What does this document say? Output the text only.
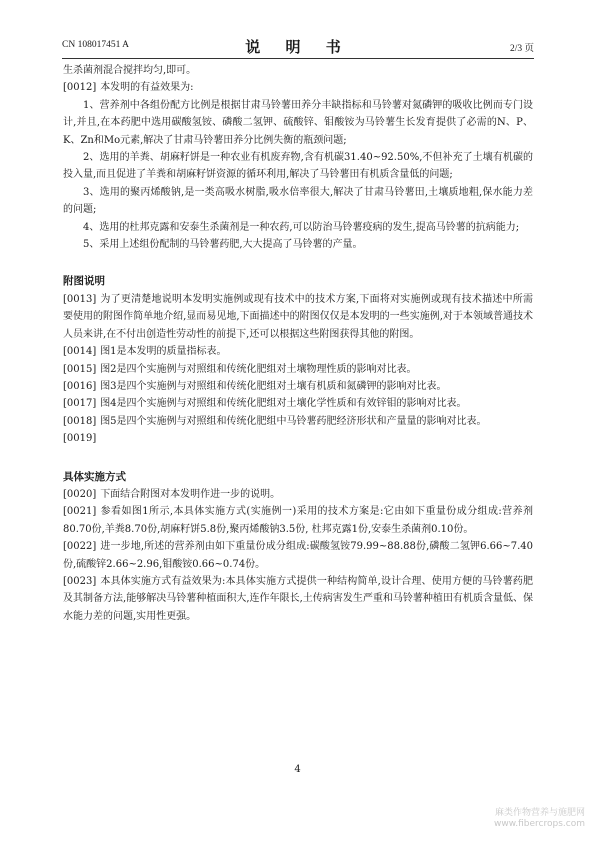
CN 108017451 A	说 明 书	2/3 页

生杀菌剂混合搅拌均匀,即可。

[0012] 本发明的有益效果为:

1、营养剂中各组份配方比例是根据甘肃马铃薯田养分丰缺指标和马铃薯对氮磷钾的吸收比例而专门设计,并且,在本药肥中选用碳酸氢铵、磷酸二氢钾、硫酸锌、钼酸铵为马铃薯生长发育提供了必需的N、P、K、Zn和Mo元素,解决了甘肃马铃薯田养分比例失衡的瓶颈问题;

2、选用的羊粪、胡麻籽饼是一种农业有机废弃物,含有机碳31.40~92.50%,不但补充了土壤有机碳的投入量,而且促进了羊粪和胡麻籽饼资源的循环利用,解决了马铃薯田有机质含量低的问题;

3、选用的聚丙烯酸钠,是一类高吸水树脂,吸水倍率很大,解决了甘肃马铃薯田,土壤质地粗,保水能力差的问题;

4、选用的杜邦克露和安泰生杀菌剂是一种农药,可以防治马铃薯疫病的发生,提高马铃薯的抗病能力;

5、采用上述组份配制的马铃薯药肥,大大提高了马铃薯的产量。

附图说明

[0013] 为了更清楚地说明本发明实施例或现有技术中的技术方案,下面将对实施例或现有技术描述中所需要使用的附图作简单地介绍,显而易见地,下面描述中的附图仅仅是本发明的一些实施例,对于本领域普通技术人员来讲,在不付出创造性劳动性的前提下,还可以根据这些附图获得其他的附图。

[0014] 图1是本发明的质量指标表。

[0015] 图2是四个实施例与对照组和传统化肥组对土壤物理性质的影响对比表。

[0016] 图3是四个实施例与对照组和传统化肥组对土壤有机质和氮磷钾的影响对比表。

[0017] 图4是四个实施例与对照组和传统化肥组对土壤化学性质和有效锌钼的影响对比表。

[0018] 图5是四个实施例与对照组和传统化肥组中马铃薯药肥经济形状和产量量的影响对比表。

[0019]

具体实施方式

[0020] 下面结合附图对本发明作进一步的说明。

[0021] 参看如图1所示,本具体实施方式(实施例一)采用的技术方案是:它由如下重量份成分组成:营养剂80.70份,羊粪8.70份,胡麻籽饼5.8份,聚丙烯酸钠3.5份, 杜邦克露1份,安泰生杀菌剂0.10份。

[0022] 进一步地,所述的营养剂由如下重量份成分组成:碳酸氢铵79.99~88.88份,磷酸二氢钾6.66~7.40份,硫酸锌2.66~2.96,钼酸铵0.66~0.74份。

[0023] 本具体实施方式有益效果为:本具体实施方式提供一种结构简单,设计合理、使用方便的马铃薯药肥及其制备方法,能够解决马铃薯种植面积大,连作年限长,土传病害发生严重和马铃薯种植田有机质含量低、保水能力差的问题,实用性更强。

4
麻类作物营养与施肥网
www.fibercrops.com
